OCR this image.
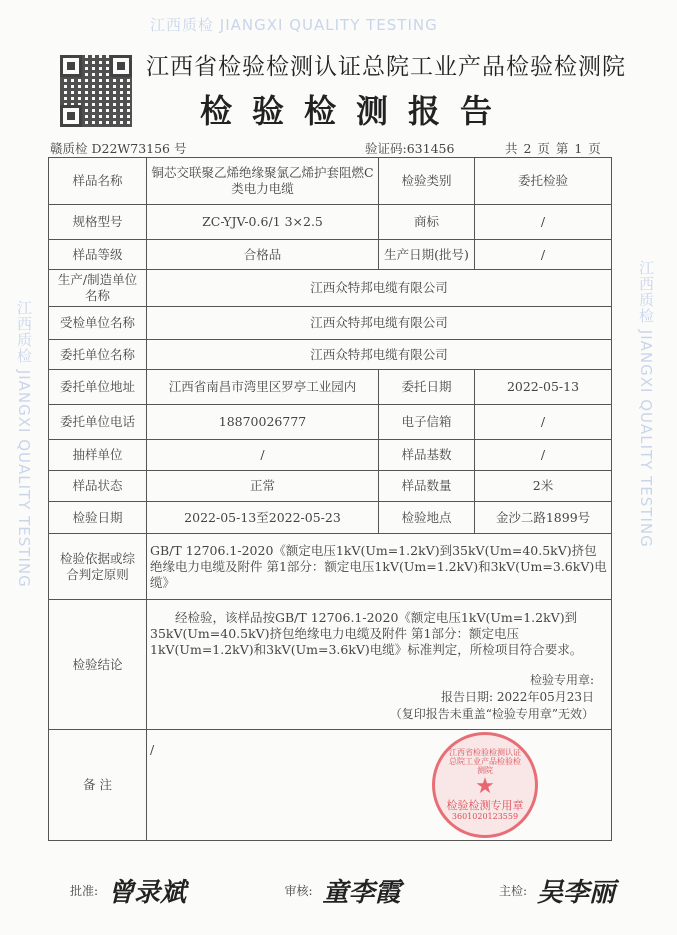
江西质检 JIANGXI QUALITY TESTING
江西质检 JIANGXI QUALITY TESTING
江西质检 JIANGXI QUALITY TESTING
江西省检验检测认证总院工业产品检验检测院
检验检测报告
赣质检 D22W73156 号	验证码:631456	共 2 页 第 1 页
样品名称	铜芯交联聚乙烯绝缘聚氯乙烯护套阻燃C类电力电缆	检验类别	委托检验
规格型号	ZC-YJV-0.6/1 3×2.5	商标	/
样品等级	合格品	生产日期(批号)	/
生产/制造单位名称	江西众特邦电缆有限公司		
受检单位名称	江西众特邦电缆有限公司		
委托单位名称	江西众特邦电缆有限公司		
委托单位地址	江西省南昌市湾里区罗亭工业园内	委托日期	2022-05-13
委托单位电话	18870026777	电子信箱	/
抽样单位	/	样品基数	/
样品状态	正常	样品数量	2米
检验日期	2022-05-13至2022-05-23	检验地点	金沙二路1899号
检验依据或综合判定原则	GB/T 12706.1-2020《额定电压1kV(Um=1.2kV)到35kV(Um=40.5kV)挤包绝缘电力电缆及附件 第1部分：额定电压1kV(Um=1.2kV)和3kV(Um=3.6kV)电缆》		
检验结论	经检验，该样品按GB/T 12706.1-2020《额定电压1kV(Um=1.2kV)到35kV(Um=40.5kV)挤包绝缘电力电缆及附件 第1部分：额定电压1kV(Um=1.2kV)和3kV(Um=3.6kV)电缆》标准判定，所检项目符合要求。
检验专用章:
报告日期: 2022年05月23日
（复印报告未重盖“检验专用章”无效）		

备 注	/ 江西省检验检测认证总院工业产品检验检测院
★
检验检测专用章
3601020123559		
批准: 曾录斌	审核: 童李霞	主检: 吴李丽
